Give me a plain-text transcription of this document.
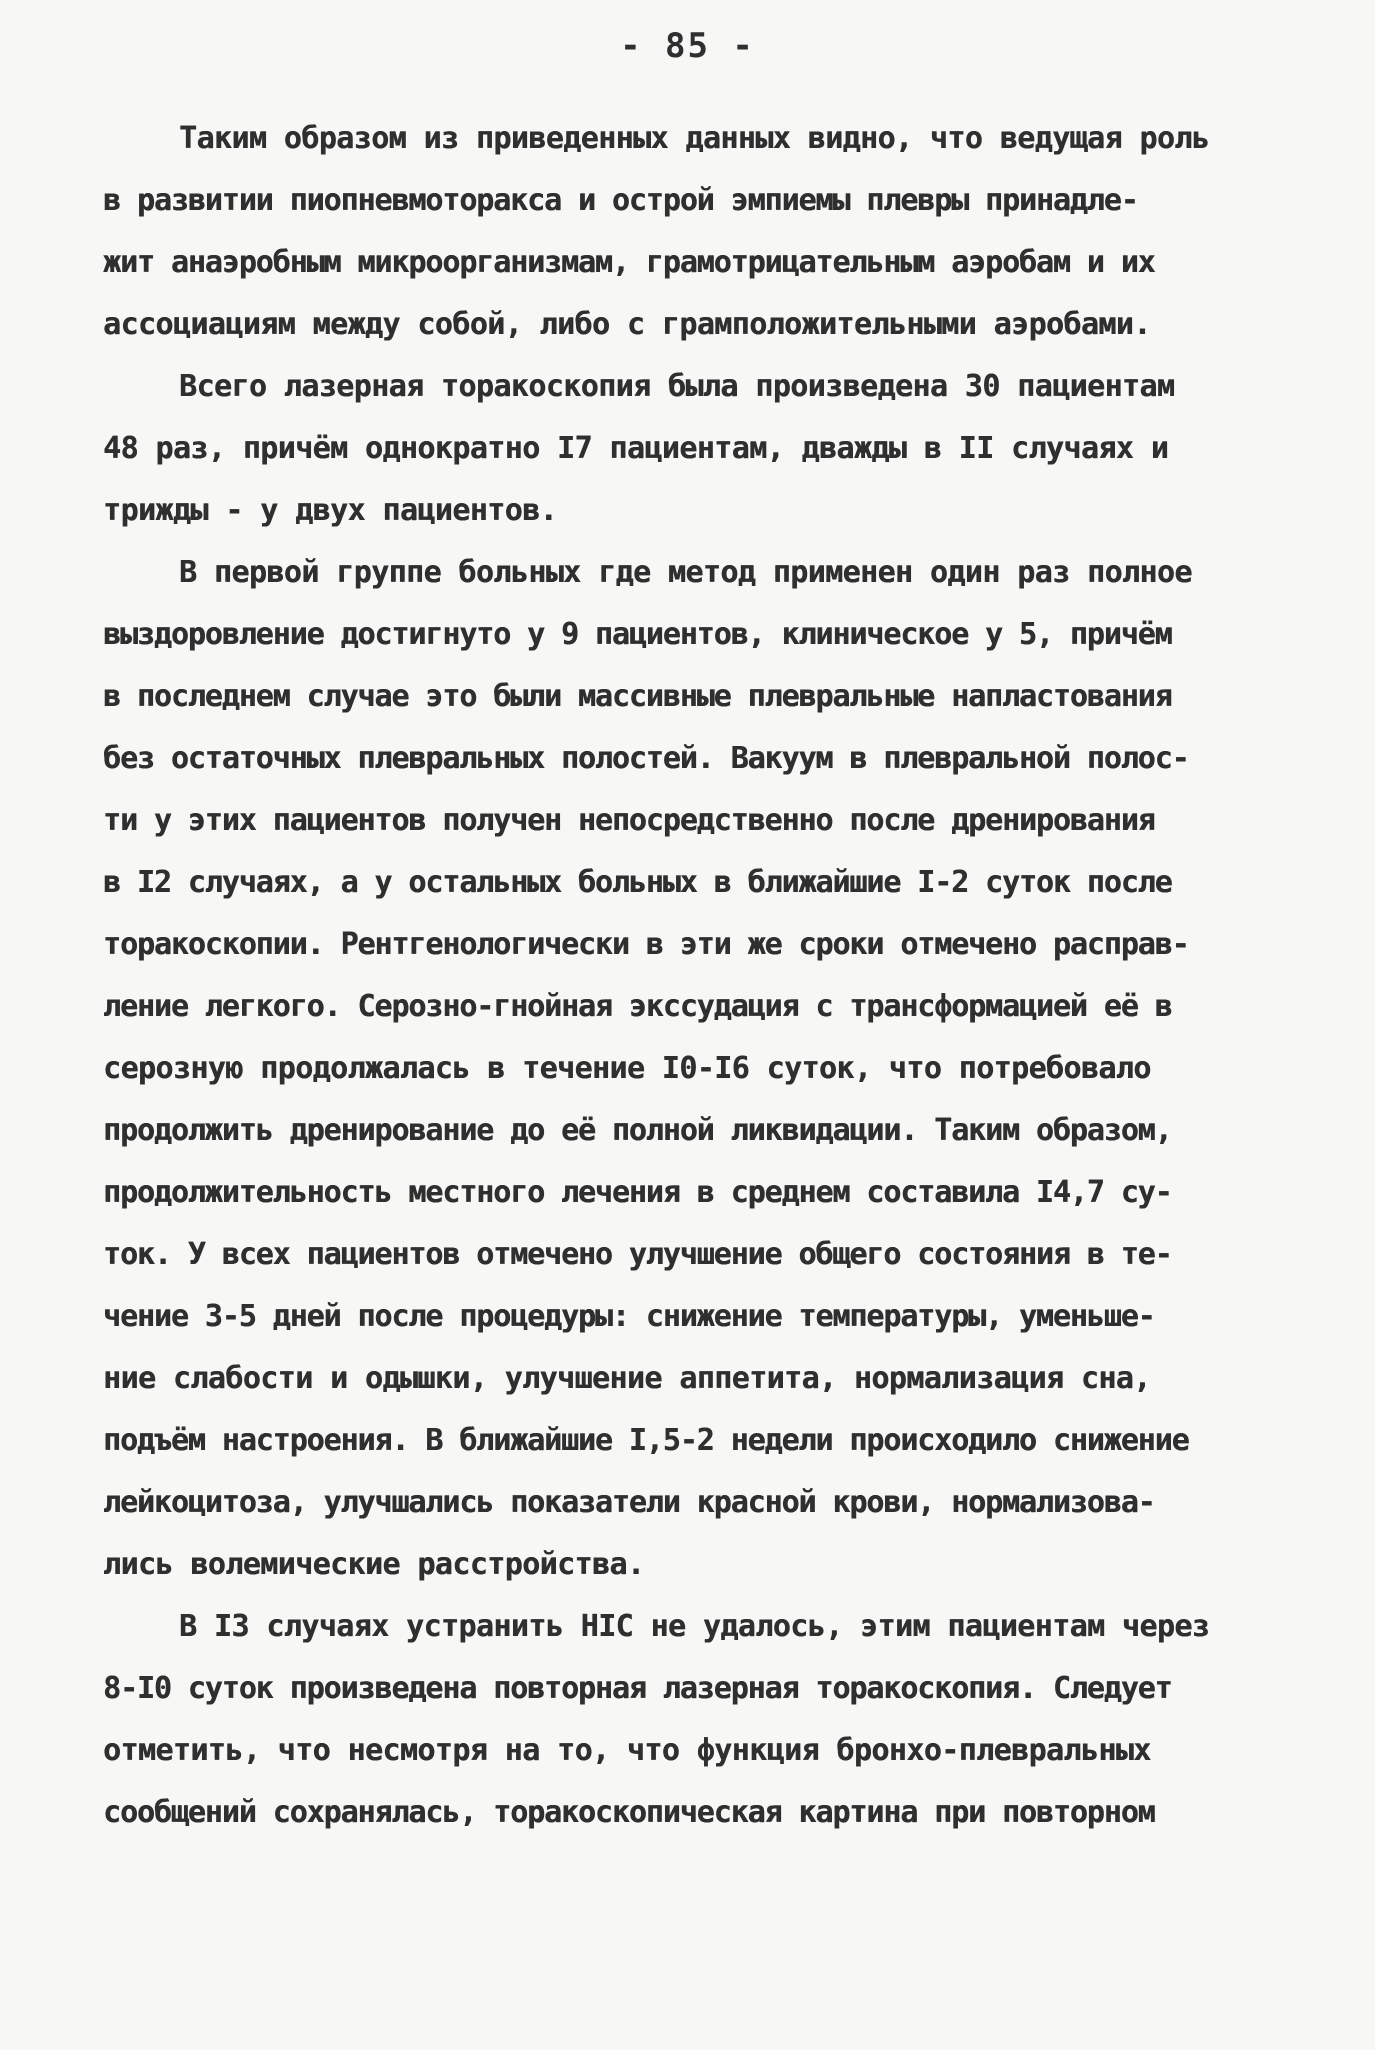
- 85 -
Таким образом из приведенных данных видно, что ведущая роль
в развитии пиопневмоторакса и острой эмпиемы плевры принадле-
жит анаэробным микроорганизмам, грамотрицательным аэробам и их
ассоциациям между собой, либо с грамположительными аэробами.
Всего лазерная торакоскопия была произведена 30 пациентам
48 раз, причём однократно I7 пациентам, дважды в II случаях и
трижды - у двух пациентов.
В первой группе больных где метод применен один раз полное
выздоровление достигнуто у 9 пациентов, клиническое у 5, причём
в последнем случае это были массивные плевральные напластования
без остаточных плевральных полостей. Вакуум в плевральной полос-
ти у этих пациентов получен непосредственно после дренирования
в I2 случаях, а у остальных больных в ближайшие I-2 суток после
торакоскопии. Рентгенологически в эти же сроки отмечено расправ-
ление легкого. Серозно-гнойная экссудация с трансформацией её в
серозную продолжалась в течение I0-I6 суток, что потребовало
продолжить дренирование до её полной ликвидации. Таким образом,
продолжительность местного лечения в среднем составила I4,7 су-
ток. У всех пациентов отмечено улучшение общего состояния в те-
чение 3-5 дней после процедуры: снижение температуры, уменьше-
ние слабости и одышки, улучшение аппетита, нормализация сна,
подъём настроения. В ближайшие I,5-2 недели происходило снижение
лейкоцитоза, улучшались показатели красной крови, нормализова-
лись волемические расстройства.
В I3 случаях устранить НІС не удалось, этим пациентам через
8-I0 суток произведена повторная лазерная торакоскопия. Следует
отметить, что несмотря на то, что функция бронхо-плевральных
сообщений сохранялась, торакоскопическая картина при повторном
